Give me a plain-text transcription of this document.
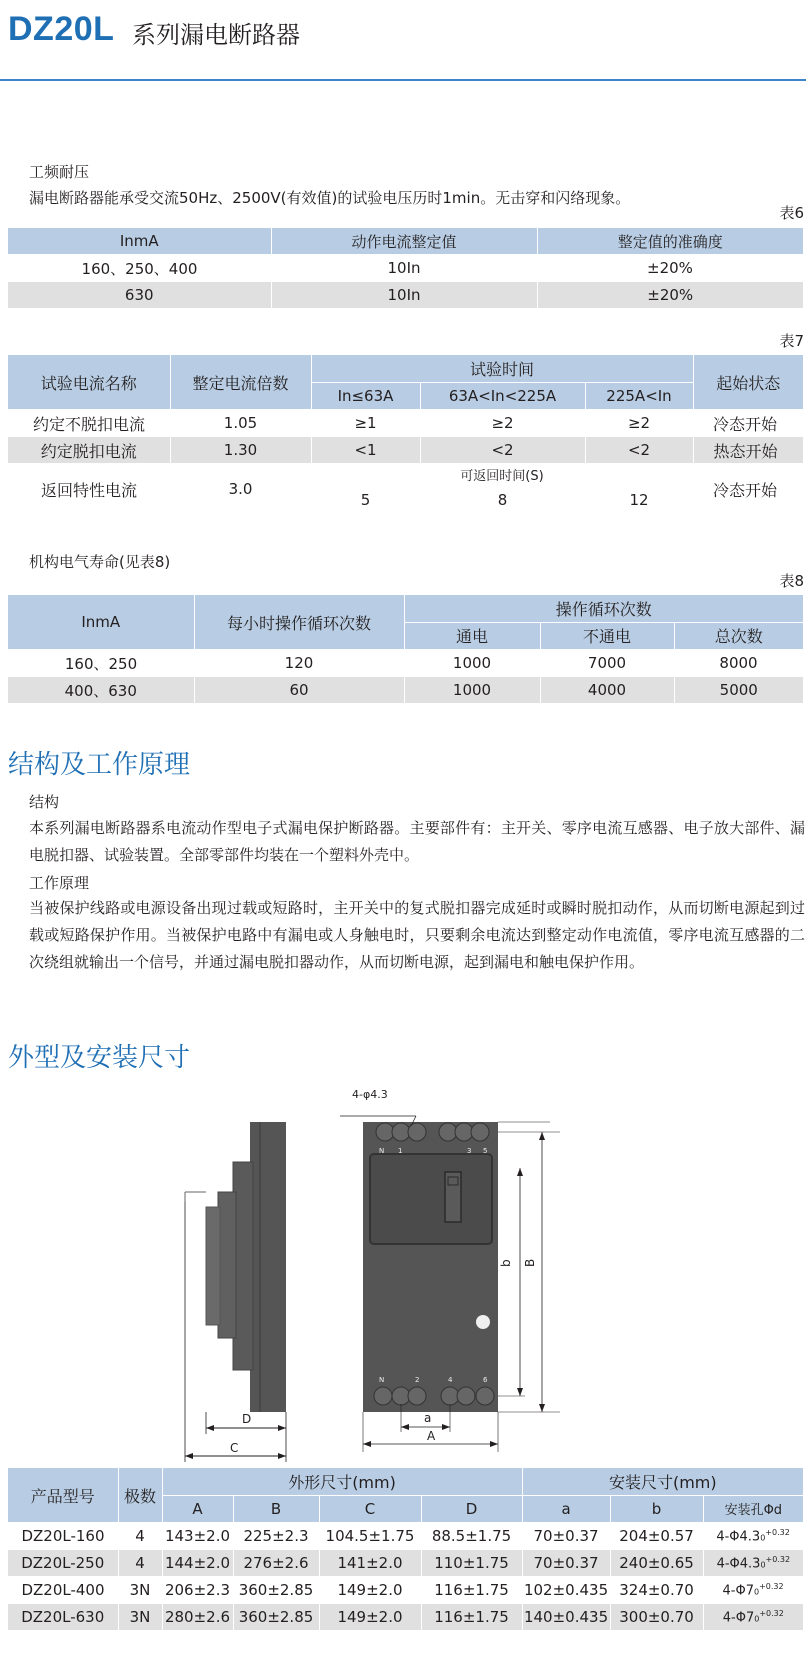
DZ20L 系列漏电断路器
工频耐压
漏电断路器能承受交流50Hz、2500V(有效值)的试验电压历时1min。无击穿和闪络现象。
表6
InmA	动作电流整定值	整定值的准确度
160、250、400	10In	±20%
630	10In	±20%
表7
试验电流名称	整定电流倍数	试验时间			起始状态
		In≤63A	63A<In<225A	225A<In	
约定不脱扣电流	1.05	≥1	≥2	≥2	冷态开始
约定脱扣电流	1.30	<1	<2	<2	热态开始
返回特性电流	3.0	可返回时间(S)			冷态开始
		5	8	12	
机构电气寿命(见表8)
表8
InmA	每小时操作循环次数	操作循环次数		
		通电	不通电	总次数
160、250	120	1000	7000	8000
400、630	60	1000	4000	5000
结构及工作原理
结构
本系列漏电断路器系电流动作型电子式漏电保护断路器。主要部件有：主开关、零序电流互感器、电子放大部件、漏电脱扣器、试验装置。全部零部件均装在一个塑料外壳中。
工作原理
当被保护线路或电源设备出现过载或短路时，主开关中的复式脱扣器完成延时或瞬时脱扣动作，从而切断电源起到过载或短路保护作用。当被保护电路中有漏电或人身触电时，只要剩余电流达到整定动作电流值，零序电流互感器的二次绕组就输出一个信号，并通过漏电脱扣器动作，从而切断电源，起到漏电和触电保护作用。
外型及安装尺寸
D
C
N 1	3 5
N	2	4	6
4-φ4.3
b B
a
A
产品型号	极数	外形尺寸(mm)				安装尺寸(mm)		
		A	B	C	D	a	b	安装孔Φd
DZ20L-160	4	143±2.0	225±2.3	104.5±1.75	88.5±1.75	70±0.37	204±0.57	$4-\Phi 4.30^{+0.32}$
DZ20L-250	4	144±2.0	276±2.6	141±2.0	110±1.75	70±0.37	240±0.65	$4-\Phi 4.30^{+0.32}$
DZ20L-400	3N	206±2.3	360±2.85	149±2.0	116±1.75	102±0.435	324±0.70	$4-\Phi 70^{+0.32}$
DZ20L-630	3N	280±2.6	360±2.85	149±2.0	116±1.75	140±0.435	300±0.70	$4-\Phi 70^{+0.32}$
